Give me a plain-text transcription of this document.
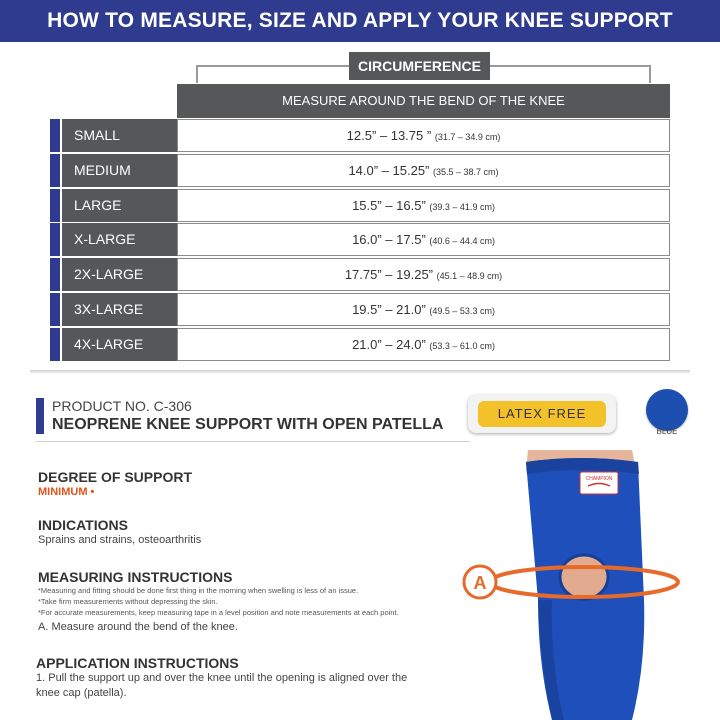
HOW TO MEASURE, SIZE AND APPLY YOUR KNEE SUPPORT
CIRCUMFERENCE
MEASURE AROUND THE BEND OF THE KNEE
SMALL	12.5” – 13.75 ” (31.7 – 34.9 cm)
MEDIUM	14.0” – 15.25” (35.5 – 38.7 cm)
LARGE	15.5” – 16.5” (39.3 – 41.9 cm)
X-LARGE	16.0” – 17.5” (40.6 – 44.4 cm)
2X-LARGE	17.75” – 19.25” (45.1 – 48.9 cm)
3X-LARGE	19.5” – 21.0” (49.5 – 53.3 cm)
4X-LARGE	21.0” – 24.0” (53.3 – 61.0 cm)
PRODUCT NO. C-306
NEOPRENE KNEE SUPPORT WITH OPEN PATELLA
LATEX FREE
BLUE
DEGREE OF SUPPORT
MINIMUM •
INDICATIONS
Sprains and strains, osteoarthritis
MEASURING INSTRUCTIONS
*Measuring and fitting should be done first thing in the morning when swelling is less of an issue.
*Take firm measurements without depressing the skin.
*For accurate measurements, keep measuring tape in a level position and note measurements at each point.
A. Measure around the bend of the knee.
APPLICATION INSTRUCTIONS
1. Pull the support up and over the knee until the opening is aligned over the
knee cap (patella).
CHAMPION
A
